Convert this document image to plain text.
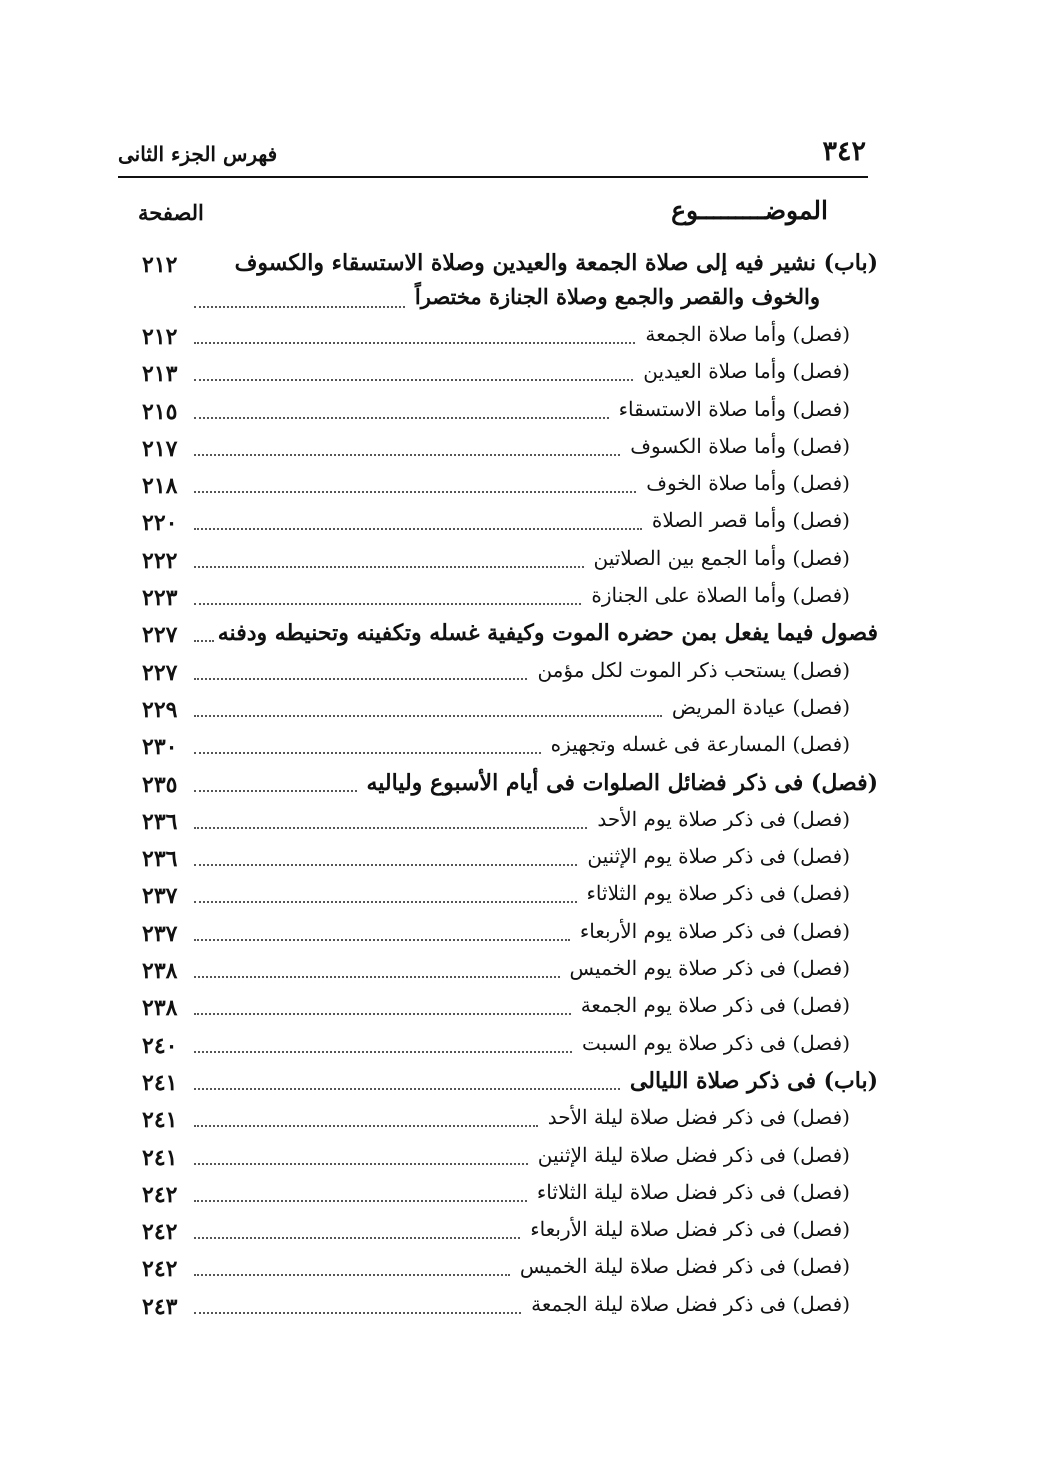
٣٤٢
فهرس الجزء الثانى
الموضـــــــــوع
الصفحة
(باب) نشير فيه إلى صلاة الجمعة والعيدين وصلاة الاستسقاء والكسوف
والخوف والقصر والجمع وصلاة الجنازة مختصراً
٢١٢
(فصل) وأما صلاة الجمعة
٢١٢
(فصل) وأما صلاة العيدين
٢١٣
(فصل) وأما صلاة الاستسقاء
٢١٥
(فصل) وأما صلاة الكسوف
٢١٧
(فصل) وأما صلاة الخوف
٢١٨
(فصل) وأما قصر الصلاة
٢٢٠
(فصل) وأما الجمع بين الصلاتين
٢٢٢
(فصل) وأما الصلاة على الجنازة
٢٢٣
فصول فيما يفعل بمن حضره الموت وكيفية غسله وتكفينه وتحنيطه ودفنه
٢٢٧
(فصل) يستحب ذكر الموت لكل مؤمن
٢٢٧
(فصل) عيادة المريض
٢٢٩
(فصل) المسارعة فى غسله وتجهيزه
٢٣٠
(فصل) فى ذكر فضائل الصلوات فى أيام الأسبوع ولياليه
٢٣٥
(فصل) فى ذكر صلاة يوم الأحد
٢٣٦
(فصل) فى ذكر صلاة يوم الإثنين
٢٣٦
(فصل) فى ذكر صلاة يوم الثلاثاء
٢٣٧
(فصل) فى ذكر صلاة يوم الأربعاء
٢٣٧
(فصل) فى ذكر صلاة يوم الخميس
٢٣٨
(فصل) فى ذكر صلاة يوم الجمعة
٢٣٨
(فصل) فى ذكر صلاة يوم السبت
٢٤٠
(باب) فى ذكر صلاة الليالى
٢٤١
(فصل) فى ذكر فضل صلاة ليلة الأحد
٢٤١
(فصل) فى ذكر فضل صلاة ليلة الإثنين
٢٤١
(فصل) فى ذكر فضل صلاة ليلة الثلاثاء
٢٤٢
(فصل) فى ذكر فضل صلاة ليلة الأربعاء
٢٤٢
(فصل) فى ذكر فضل صلاة ليلة الخميس
٢٤٢
(فصل) فى ذكر فضل صلاة ليلة الجمعة
٢٤٣
